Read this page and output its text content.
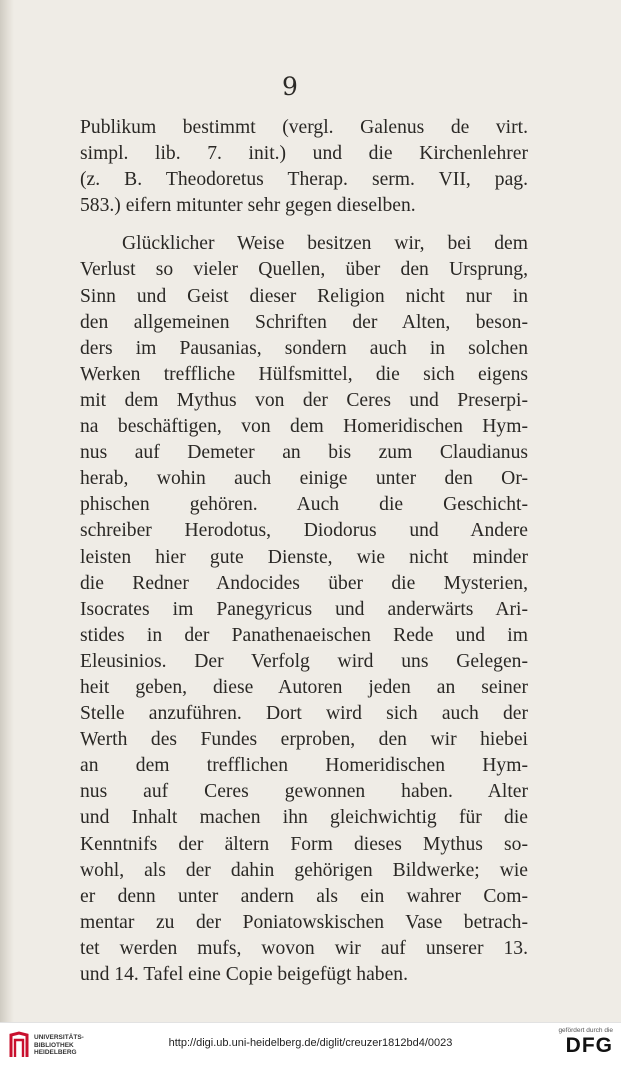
9
Publikum bestimmt (vergl. Galenus de virt.
simpl. lib. 7. init.) und die Kirchenlehrer
(z. B. Theodoretus Therap. serm. VII, pag.
583.) eifern mitunter sehr gegen dieselben.
Glücklicher Weise besitzen wir, bei dem
Verlust so vieler Quellen, über den Ursprung,
Sinn und Geist dieser Religion nicht nur in
den allgemeinen Schriften der Alten, beson-
ders im Pausanias, sondern auch in solchen
Werken treffliche Hülfsmittel, die sich eigens
mit dem Mythus von der Ceres und Preserpi-
na beschäftigen, von dem Homeridischen Hym-
nus auf Demeter an bis zum Claudianus
herab, wohin auch einige unter den Or-
phischen gehören. Auch die Geschicht-
schreiber Herodotus, Diodorus und Andere
leisten hier gute Dienste, wie nicht minder
die Redner Andocides über die Mysterien,
Isocrates im Panegyricus und anderwärts Ari-
stides in der Panathenaeischen Rede und im
Eleusinios. Der Verfolg wird uns Gelegen-
heit geben, diese Autoren jeden an seiner
Stelle anzuführen. Dort wird sich auch der
Werth des Fundes erproben, den wir hiebei
an dem trefflichen Homeridischen Hym-
nus auf Ceres gewonnen haben. Alter
und Inhalt machen ihn gleichwichtig für die
Kenntnifs der ältern Form dieses Mythus so-
wohl, als der dahin gehörigen Bildwerke; wie
er denn unter andern als ein wahrer Com-
mentar zu der Poniatowskischen Vase betrach-
tet werden mufs, wovon wir auf unserer 13.
und 14. Tafel eine Copie beigefügt haben.
UNIVERSITÄTS-
BIBLIOTHEK
HEIDELBERG
http://digi.ub.uni-heidelberg.de/diglit/creuzer1812bd4/0023
gefördert durch die
DFG
